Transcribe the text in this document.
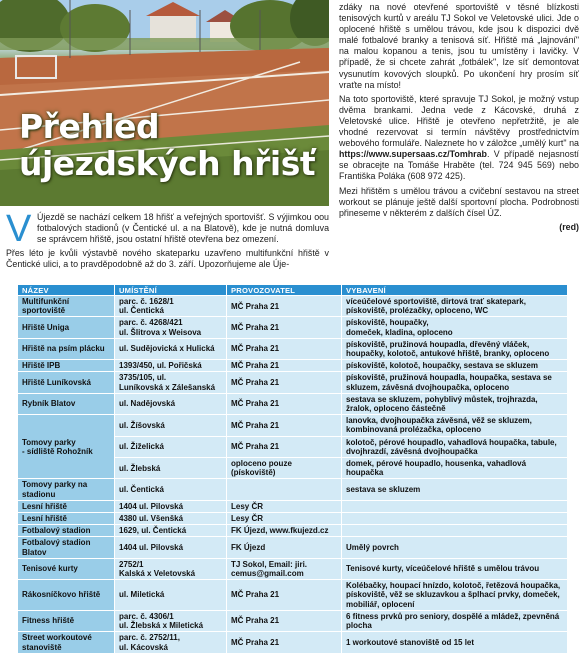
Přehled
újezdských hřišť
V Újezdě se nachází celkem 18 hřišť a veřejných sportovišť. S výjimkou oou fotbalových stadionů (v Čentické ul. a na Blatově), kde je nutná domluva se správcem hřiště, jsou ostatní hřiště otevřena bez omezení.

Přes léto je kvůli výstavbě nového skateparku uzavřeno multifunkční hřiště v Čentické ulici, a to pravděpodobně až do 3. září. Upozorňujeme ale Úje-

zdáky na nové otevřené sportoviště v těsné blízkosti tenisových kurtů v areálu TJ Sokol ve Veletovské ulici. Jde o oplocené hřiště s umělou trávou, kde jsou k dispozici dvě malé fotbalové branky a tenisová síť. Hřiště má „lajnování" na malou kopanou a tenis, jsou tu umístěny i lavičky. V případě, že si chcete zahrát „fotbálek", lze síť demontovat vysunutím kovových sloupků. Po ukončení hry prosím síť vraťte na místo!

Na toto sportoviště, které spravuje TJ Sokol, je možný vstup dvěma brankami. Jedna vede z Kácovské, druhá z Veletovské ulice. Hřiště je otevřeno nepřetržitě, je ale vhodné rezervovat si termín návštěvy prostřednictvím webového formuláře. Naleznete ho v záložce „umělý kurt" na https://www.supersaas.cz/Tomhrab. V případě nejasností se obracejte na Tomáše Hraběte (tel. 724 945 569) nebo Františka Poláka (608 972 425).

Mezi hřištěm s umělou trávou a cvičební sestavou na street workout se plánuje ještě další sportovní plocha. Podrobnosti přineseme v některém z dalších čísel ÚZ.

(red)

NÁZEV	UMÍSTĚNÍ	PROVOZOVATEL	VYBAVENÍ
Multifunkční sportoviště	parc. č. 1628/1
ul. Čentická	MČ Praha 21	víceúčelové sportoviště, dirtová trať skatepark, pískoviště, prolézačky, oploceno, WC
Hřiště Uniga	parc. č. 4268/421
ul. Šlitrova x Weisova	MČ Praha 21	pískoviště, houpačky,
domeček, kladina, oploceno
Hřiště na psím plácku	ul. Sudějovická x Hulická	MČ Praha 21	pískoviště, pružinová houpadla, dřevěný vláček, houpačky, kolotoč, antukové hřiště, branky, oploceno
Hřiště IPB	1393/450, ul. Pořičská	MČ Praha 21	pískoviště, kolotoč, houpačky, sestava se skluzem
Hřiště Luníkovská	3735/105, ul.
Luníkovská x Zálešanská	MČ Praha 21	pískoviště, pružinová houpadla, houpačka, sestava se skluzem, závěsná dvojhoupačka, oploceno
Rybník Blatov	ul. Nadějovská	MČ Praha 21	sestava se skluzem, pohyblivý můstek, trojhrazda, žralok, oploceno částečně
Tomovy parky
- sídliště Rohožník	ul. Žíšovská	MČ Praha 21	lanovka, dvojhoupačka závěsná, věž se skluzem, kombinovaná prolézačka, oploceno
	ul. Žiželická	MČ Praha 21	kolotoč, pérové houpadlo, vahadlová houpačka, tabule, dvojhrazdí, závěsná dvojhoupačka
	ul. Žlebská	oploceno pouze (pískoviště)	domek, pérové houpadlo, housenka, vahadlová houpačka
Tomovy parky na stadionu	ul. Čentická		sestava se skluzem
Lesní hřiště	1404 ul. Pilovská	Lesy ČR	
Lesní hřiště	4380 ul. Všenšká	Lesy ČR	
Fotbalový stadion	1629, ul. Čentická	FK Újezd, www.fkujezd.cz	
Fotbalový stadion Blatov	1404 ul. Pilovská	FK Újezd	Umělý povrch
Tenisové kurty	2752/1
Kalská x Veletovská	TJ Sokol, Email: jiri.
cemus@gmail.com	Tenisové kurty, víceúčelové hřiště s umělou trávou
Rákosníčkovo hřiště	ul. Miletická	MČ Praha 21	Kolébačky, houpací hnízdo, kolotoč, řetězová houpačka, pískoviště, věž se skluzavkou a šplhací prvky, domeček, mobiliář, oplocení
Fitness hřiště	parc. č. 4306/1
ul. Žlebská x Miletická	MČ Praha 21	6 fitness prvků pro seniory, dospělé a mládež, zpevněná plocha
Street workoutové stanoviště	parc. č. 2752/11,
ul. Kácovská	MČ Praha 21	1 workoutové stanoviště od 15 let
